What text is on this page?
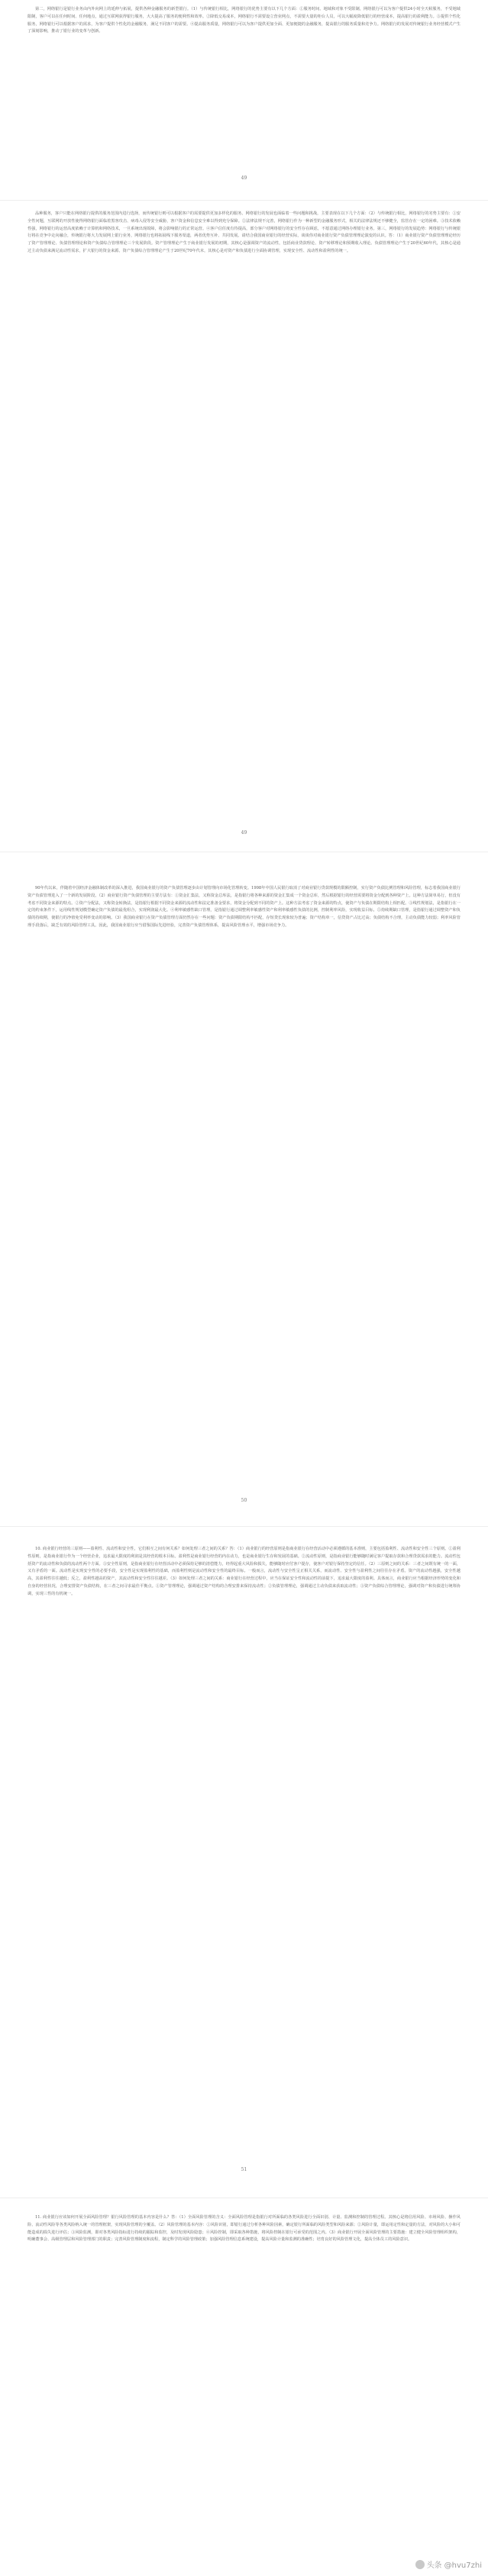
第二，网络银行是银行业务由内外向网上的延伸与拓展，提供各种金融服务的新型银行。（1）与传统银行相比，网络银行的优势主要有以下几个方面：①服务时间、地域和对象不受限制，网络银行可以为客户提供24小时全天候服务，不受地域限制，客户可以在任何时间、任何地点，通过互联网获得银行服务，大大提高了服务的便利性和效率。②降低交易成本，网络银行不需要设立营业网点，不需要大量的柜台人员，可以大幅度降低银行的经营成本，提高银行的盈利能力。③提供个性化服务，网络银行可以根据客户的需求，为客户提供个性化的金融服务，满足不同客户的需要。④提高服务质量，网络银行可以为客户提供更加全面、更加便捷的金融服务，提高银行的服务质量和竞争力。网络银行的发展对传统银行业务经营模式产生了深刻影响，推动了银行业的变革与创新。

49

品种服务，客户只能在网络银行提供的服务范围内进行选择，而传统银行则可以根据客户的需要提供更加多样化的服务。网络银行的发展也面临着一些问题和挑战，主要表现在以下几个方面：（2）与传统银行相比，网络银行的劣势主要有：①安全性问题，互联网的开放性使得网络银行面临着黑客攻击、病毒入侵等安全威胁，客户资金和信息安全难以得到充分保障。②法律法规不完善，网络银行作为一种新型的金融服务形式，相关的法律法规还不够健全，监管存在一定的困难。③技术依赖性强，网络银行的运营高度依赖于计算机和网络技术，一旦系统出现故障，将会影响银行的正常运营。④客户信任度有待提高，部分客户对网络银行的安全性存在顾虑，不愿意通过网络办理银行业务。第三，网络银行的发展趋势：网络银行与传统银行将在竞争中走向融合，传统银行将大力发展网上银行业务，网络银行也将拓展线下服务渠道，两者优势互补、共同发展。请结合我国商业银行的经营实际，谈谈你对商业银行资产负债管理理论演变的认识。答：（1）商业银行资产负债管理理论经历了资产管理理论、负债管理理论和资产负债综合管理理论三个发展阶段。资产管理理论产生于商业银行发展的初期，其核心是强调资产的流动性，包括商业贷款理论、资产转移理论和预期收入理论。负债管理理论产生于20世纪60年代，其核心是通过主动负债来满足流动性需求，扩大银行的资金来源。资产负债综合管理理论产生于20世纪70年代末，其核心是对资产和负债进行全面协调管理，实现安全性、流动性和盈利性的统一。

49

90年代以来，伴随着中国经济金融体制改革的深入推进，我国商业银行的资产负债管理逐步由计划管理向市场化管理转变。1998年中国人民银行取消了对商业银行贷款规模的限额控制，实行资产负债比例管理和风险管理，标志着我国商业银行资产负债管理进入了一个新的发展阶段。（2）商业银行资产负债管理的主要方法有：①资金汇集法，又称资金总库法，是指银行将各种来源的资金汇集成一个资金总库，然后根据银行的经营需要将资金分配到各种资产上。这种方法简单易行，但没有考虑不同资金来源的特点。②资产分配法，又称资金转换法，是指银行根据不同资金来源的流动性和法定准备金要求，将资金分配到不同的资产上。这种方法考虑了资金来源的特点，使资产与负债在期限结构上相匹配。③线性规划法，是指银行在一定的约束条件下，运用线性规划模型确定资产负债的最优组合，实现利润最大化。④利率敏感性缺口管理，是指银行通过调整利率敏感性资产和利率敏感性负债的比例，控制利率风险，实现收益目标。⑤持续期缺口管理，是指银行通过调整资产和负债的持续期，使银行的净值免受利率变动的影响。（3）我国商业银行在资产负债管理方面仍然存在一些问题：资产负债期限结构不匹配，存短贷长现象较为普遍；资产结构单一，信贷资产占比过高；负债结构不合理，主动负债能力较弱；利率风险管理手段落后，缺乏有效的风险管理工具。因此，我国商业银行应当借鉴国际先进经验，完善资产负债管理体系，提高风险管理水平，增强市场竞争力。

50

10. 商业银行经营的三原则——盈利性、流动性和安全性，它们相互之间有何关系？如何处理三者之间的关系？答：（1）商业银行的经营原则是指商业银行在经营活动中必须遵循的基本准则，主要包括盈利性、流动性和安全性三个原则。①盈利性原则，是指商业银行作为一个经营企业，追求最大限度的利润是其经营的根本目标。盈利性是商业银行经营的内在动力，也是商业银行生存和发展的基础。②流动性原则，是指商业银行能够随时满足客户提取存款和合理贷款需求的能力。流动性包括资产的流动性和负债的流动性两个方面。③安全性原则，是指商业银行在经营活动中必须保持足够的清偿能力，经得起重大风险和损失，能够随时应付客户提存，使客户对银行保持坚定的信任。（2）三原则之间的关系：三者之间既有统一的一面，又有矛盾的一面。流动性是实现安全性的必要手段，安全性是实现盈利性的基础，而盈利性则是流动性和安全性的最终目标。一般而言，流动性与安全性呈正相关关系，而流动性、安全性与盈利性之间往往存在矛盾。资产的流动性越强，安全性越高，其盈利性往往越低；反之，盈利性越高的资产，其流动性和安全性往往越差。（3）如何处理三者之间的关系：商业银行在经营过程中，应当在保证安全性和流动性的前提下，追求最大限度的盈利。具体而言，商业银行应当根据经济形势的变化和自身的经营状况，合理安排资产负债结构，在三者之间寻求最佳平衡点。①资产管理理论，强调通过资产结构的合理安排来保持流动性；②负债管理理论，强调通过主动负债来获取流动性；③资产负债综合管理理论，强调对资产和负债进行统筹协调，实现三性的有机统一。

51

11. 商业银行应该如何开展全面风险管理？银行风险管理的基本内容是什么？答：（1）全面风险管理的含义：全面风险管理是指银行对所面临的各类风险进行全面识别、计量、监测和控制的管理过程。其核心是将信用风险、市场风险、操作风险、流动性风险等各类风险纳入统一的管理框架，实现风险管理的全覆盖。（2）风险管理的基本内容：①风险识别，即银行通过分析各种风险因素，确定银行所面临的风险类型和风险来源；②风险计量，即运用定性和定量的方法，对风险的大小和可能造成的损失进行评估；③风险监测，即对各类风险指标进行持续的跟踪和监控，及时发现风险隐患；④风险控制，即采取各种措施，将风险控制在银行可承受的范围之内。（3）商业银行开展全面风险管理的主要措施：建立健全风险管理组织架构，明确董事会、高级管理层和风险管理部门的职责；完善风险管理制度和流程，制定科学的风险管理政策；加强风险管理信息系统建设，提高风险计量和监测的准确性；培育良好的风险管理文化，提高全体员工的风险意识。

头条 @hvu7zhi
